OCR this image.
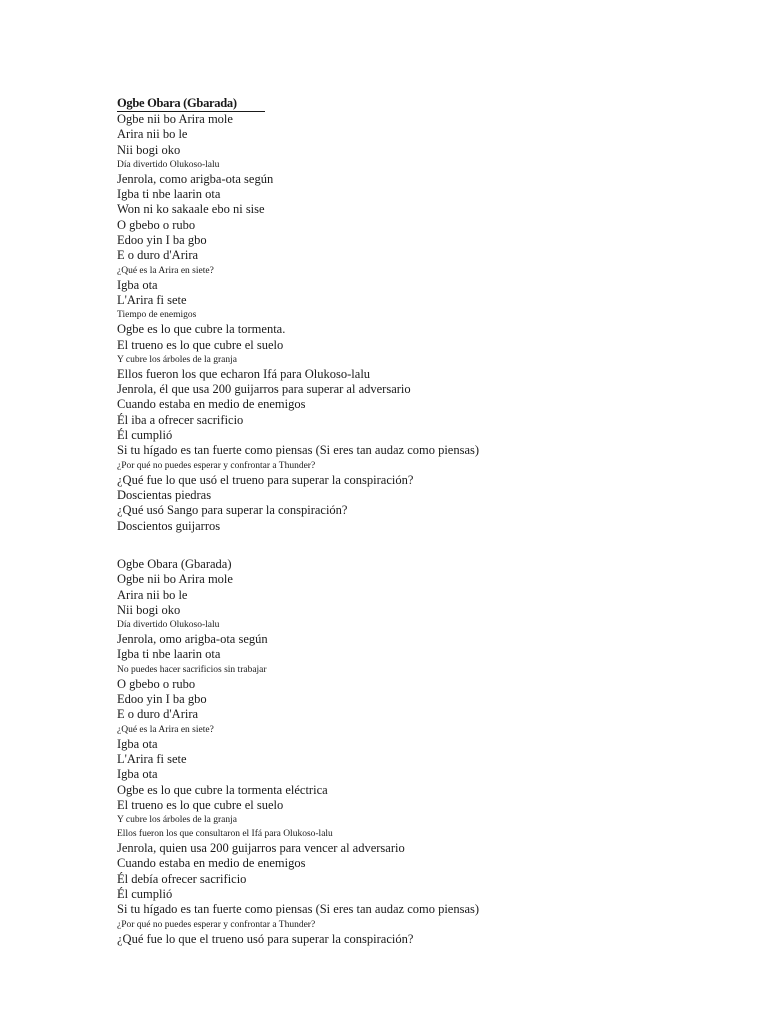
Ogbe Obara (Gbarada)
Ogbe nii bo Arira mole
Arira nii bo le
Nii bogi oko
Día divertido Olukoso-lalu
Jenrola, como arigba-ota según
Igba ti nbe laarin ota
Won ni ko sakaale ebo ni sise
O gbebo o rubo
Edoo yin I ba gbo
E o duro d'Arira
¿Qué es la Arira en siete?
Igba ota
L'Arira fi sete
Tiempo de enemigos
Ogbe es lo que cubre la tormenta.
El trueno es lo que cubre el suelo
Y cubre los árboles de la granja
Ellos fueron los que echaron Ifá para Olukoso-lalu
Jenrola, él que usa 200 guijarros para superar al adversario
Cuando estaba en medio de enemigos
Él iba a ofrecer sacrificio
Él cumplió
Si tu hígado es tan fuerte como piensas (Si eres tan audaz como piensas)
¿Por qué no puedes esperar y confrontar a Thunder?
¿Qué fue lo que usó el trueno para superar la conspiración?
Doscientas piedras
¿Qué usó Sango para superar la conspiración?
Doscientos guijarros
Ogbe Obara (Gbarada)
Ogbe nii bo Arira mole
Arira nii bo le
Nii bogi oko
Día divertido Olukoso-lalu
Jenrola, omo arigba-ota según
Igba ti nbe laarin ota
No puedes hacer sacrificios sin trabajar
O gbebo o rubo
Edoo yin I ba gbo
E o duro d'Arira
¿Qué es la Arira en siete?
Igba ota
L'Arira fi sete
Igba ota
Ogbe es lo que cubre la tormenta eléctrica
El trueno es lo que cubre el suelo
Y cubre los árboles de la granja
Ellos fueron los que consultaron el Ifá para Olukoso-lalu
Jenrola, quien usa 200 guijarros para vencer al adversario
Cuando estaba en medio de enemigos
Él debía ofrecer sacrificio
Él cumplió
Si tu hígado es tan fuerte como piensas (Si eres tan audaz como piensas)
¿Por qué no puedes esperar y confrontar a Thunder?
¿Qué fue lo que el trueno usó para superar la conspiración?
